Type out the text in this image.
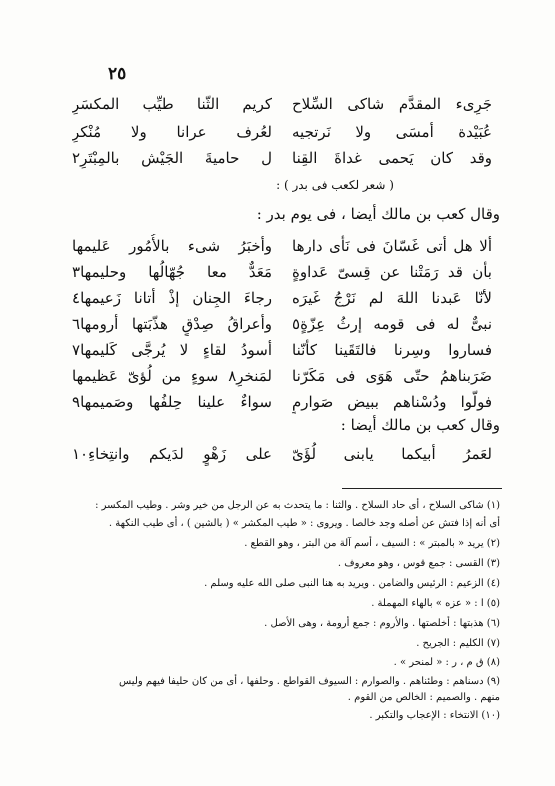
٢٥
جَرِىء المقدَّم شاكى السِّلاح
كريم الثّنا طيِّب المكسَرِ
عُبَيْدة أمسَى ولا نَرتجيه
لعُرف عرانا ولا مُنْكرِ
وقد كان يَحمى غداةَ القِنا
ل حاميةَ الجَيْش بالمِبْتَرِ٢
( شعر لكعب فى بدر ) :
وقال كعب بن مالك أيضا ، فى يوم بدر :
ألا هل أتى غَسّانَ فى نَأى دارها
وأخبَرُ شىء بالأُمُور عَليمها
بأن قد رَمَتْنا عن قِسىّ عَداوةٍ
مَعَدٌّ معا جُهّالُها وحليمها٣
لأنّا عَبدنا اللهَ لم نَرْجُ غَيرَه
رجاءَ الجِنان إذْ أتانا زَعيمها٤
نبىٌّ له فى قومه إرثُ عِزّةٍ٥
وأعراقُ صِدْقٍ هذّبَتها أرومها٦
فساروا وسِرنا فالتَقَينا كأنّنا
أسودُ لقاءٍ لا يُرجَّى كَليمها٧
ضَرَبناهمُ حتّى هَوَى فى مَكَرّنا
لمَنخرِ٨ سوءٍ من لُؤىّ عَظيمها
فولَّوا ودُسْناهم ببيض صَوارمٍ
سواءٌ علينا حِلفُها وصَميمها٩
وقال كعب بن مالك أيضا :
لعَمرُ أبيكما يابنى لُؤَىّ
على زَهْوٍ لدَيكم وانتِخاءِ١٠
(١) شاكى السلاح ، أى حاد السلاح . والثنا : ما يتحدث به عن الرجل من خير وشر . وطيب المكسر :
أى أنه إذا فتش عن أصله وجد خالصا . ويروى : « طيب المكشر » ( بالشين ) ، أى طيب النكهة .
(٢) يريد « بالمبتر » : السيف ، أسم آلة من البتر ، وهو القطع .
(٣) القسى : جمع قوس ، وهو معروف .
(٤) الزعيم : الرئيس والضامن . ويريد به هنا النبى صلى الله عليه وسلم .
(٥) ا : « عزه » بالهاء المهملة .
(٦) هذبتها : أخلصتها . والأروم : جمع أرومة ، وهى الأصل .
(٧) الكليم : الجريح .
(٨) ق م ، ر : « لمنحر » .
(٩) دسناهم : وطئناهم . والصوارم : السيوف القواطع . وحلفها ، أى من كان حليفا فيهم وليس
منهم . والصميم : الخالص من القوم .
(١٠) الانتخاء : الإعجاب والتكبر .
